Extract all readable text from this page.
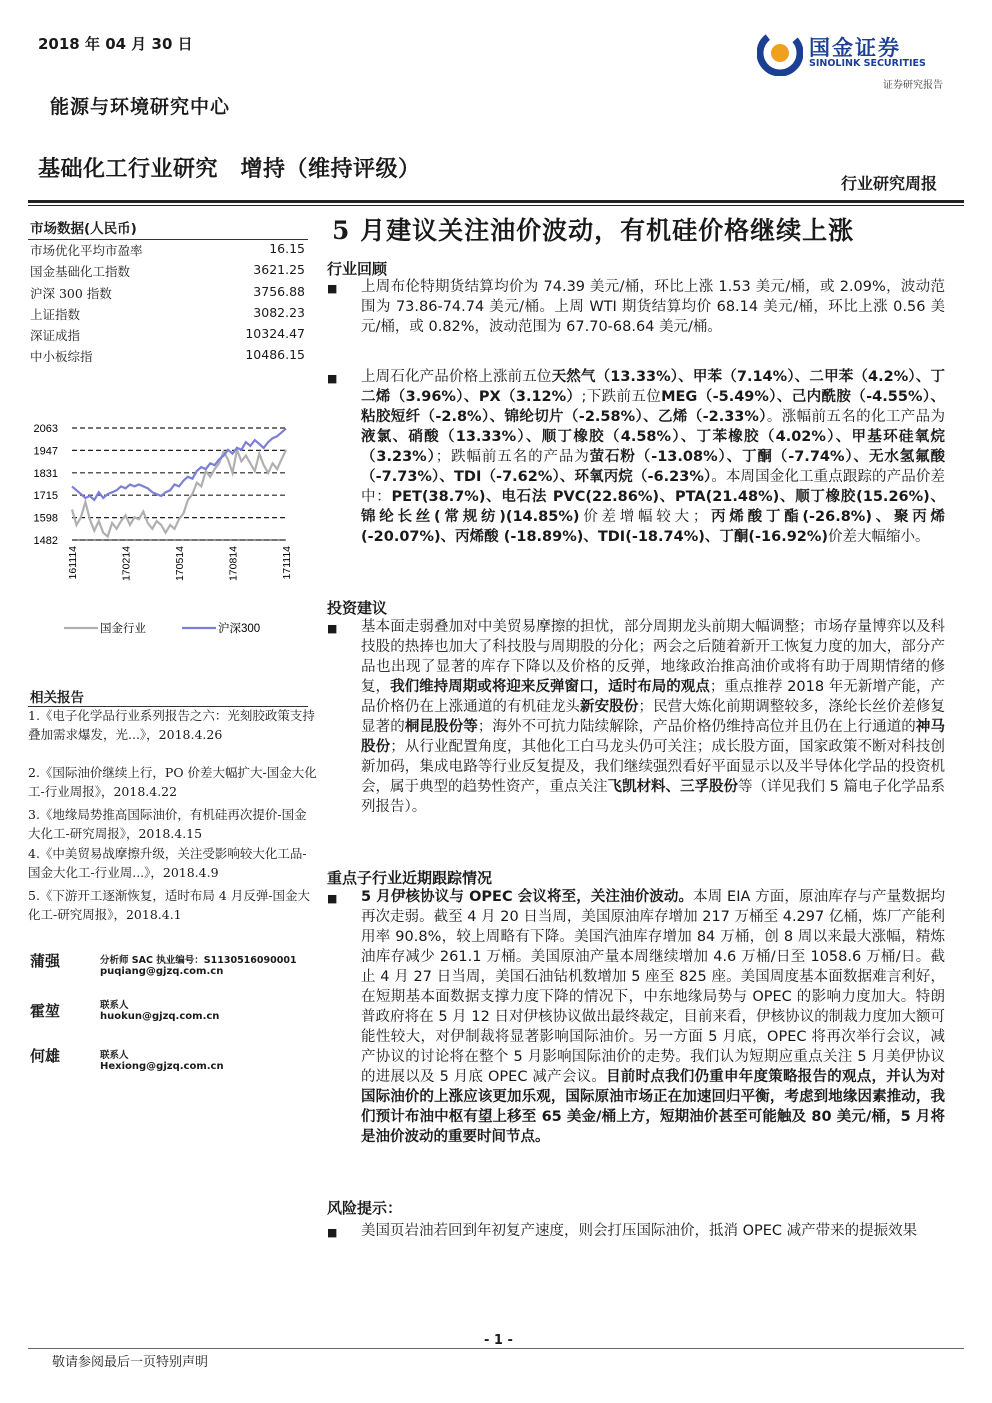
2018 年 04 月 30 日
能源与环境研究中心
国金证券
SINOLINK SECURITIES
证券研究报告
基础化工行业研究　增持（维持评级）
行业研究周报
市场数据(人民币)
市场优化平均市盈率	16.15
国金基础化工指数	3621.25
沪深 300 指数	3756.88
上证指数	3082.23
深证成指	10324.47
中小板综指	10486.15
2063
1947
1831
1715
1598
1482
161114	170214	170514	170814	171114
国金行业	沪深300
相关报告
1.《电子化学品行业系列报告之六：光刻胶政策支持叠加需求爆发，光...》，2018.4.26
2.《国际油价继续上行，PO 价差大幅扩大-国金大化工-行业周报》，2018.4.22
3.《地缘局势推高国际油价，有机硅再次提价-国金大化工-研究周报》，2018.4.15
4.《中美贸易战摩擦升级，关注受影响较大化工品-国金大化工-行业周...》，2018.4.9
5.《下游开工逐渐恢复，适时布局 4 月反弹-国金大化工-研究周报》，2018.4.1
蒲强	分析师 SAC 执业编号：S1130516090001
puqiang@gjzq.com.cn
霍堃	联系人
huokun@gjzq.com.cn
何雄	联系人
Hexiong@gjzq.com.cn
5 月建议关注油价波动，有机硅价格继续上涨
行业回顾
■ 上周布伦特期货结算均价为 74.39 美元/桶，环比上涨 1.53 美元/桶，或 2.09%，波动范围为 73.86-74.74 美元/桶。上周 WTI 期货结算均价 68.14 美元/桶，环比上涨 0.56 美元/桶，或 0.82%，波动范围为 67.70-68.64 美元/桶。
■ 上周石化产品价格上涨前五位天然气（13.33%）、甲苯（7.14%）、二甲苯（4.2%）、丁二烯（3.96%）、PX（3.12%）;下跌前五位MEG（-5.49%）、己内酰胺（-4.55%）、粘胶短纤（-2.8%）、锦纶切片（-2.58%）、乙烯（-2.33%）。涨幅前五名的化工产品为液氯、硝酸（13.33%）、顺丁橡胶（4.58%）、丁苯橡胶（4.02%）、甲基环硅氧烷（3.23%）；跌幅前五名的产品为萤石粉（-13.08%）、丁酮（-7.74%）、无水氢氟酸（-7.73%）、TDI（-7.62%）、环氧丙烷（-6.23%）。本周国金化工重点跟踪的产品价差中：PET(38.7%)、电石法 PVC(22.86%)、PTA(21.48%)、顺丁橡胶(15.26%)、锦纶长丝(常规纺)(14.85%)价差增幅较大；丙烯酸丁酯(-26.8%)、聚丙烯(-20.07%)、丙烯酸 (-18.89%)、TDI(-18.74%)、丁酮(-16.92%)价差大幅缩小。
投资建议
■ 基本面走弱叠加对中美贸易摩擦的担忧，部分周期龙头前期大幅调整；市场存量博弈以及科技股的热捧也加大了科技股与周期股的分化；两会之后随着新开工恢复力度的加大，部分产品也出现了显著的库存下降以及价格的反弹，地缘政治推高油价或将有助于周期情绪的修复，我们维持周期或将迎来反弹窗口，适时布局的观点；重点推荐 2018 年无新增产能，产品价格仍在上涨通道的有机硅龙头新安股份；民营大炼化前期调整较多，涤纶长丝价差修复显著的桐昆股份等；海外不可抗力陆续解除，产品价格仍维持高位并且仍在上行通道的神马股份；从行业配置角度，其他化工白马龙头仍可关注；成长股方面，国家政策不断对科技创新加码，集成电路等行业反复提及，我们继续强烈看好平面显示以及半导体化学品的投资机会，属于典型的趋势性资产，重点关注飞凯材料、三孚股份等（详见我们 5 篇电子化学品系列报告）。
重点子行业近期跟踪情况
■ 5 月伊核协议与 OPEC 会议将至，关注油价波动。本周 EIA 方面，原油库存与产量数据均再次走弱。截至 4 月 20 日当周，美国原油库存增加 217 万桶至 4.297 亿桶，炼厂产能利用率 90.8%，较上周略有下降。美国汽油库存增加 84 万桶，创 8 周以来最大涨幅，精炼油库存减少 261.1 万桶。美国原油产量本周继续增加 4.6 万桶/日至 1058.6 万桶/日。截止 4 月 27 日当周，美国石油钻机数增加 5 座至 825 座。美国周度基本面数据难言利好，在短期基本面数据支撑力度下降的情况下，中东地缘局势与 OPEC 的影响力度加大。特朗普政府将在 5 月 12 日对伊核协议做出最终裁定，目前来看，伊核协议的制裁力度加大额可能性较大，对伊制裁将显著影响国际油价。另一方面 5 月底，OPEC 将再次举行会议，减产协议的讨论将在整个 5 月影响国际油价的走势。我们认为短期应重点关注 5 月美伊协议的进展以及 5 月底 OPEC 减产会议。目前时点我们仍重申年度策略报告的观点，并认为对国际油价的上涨应该更加乐观，国际原油市场正在加速回归平衡，考虑到地缘因素推动，我们预计布油中枢有望上移至 65 美金/桶上方，短期油价甚至可能触及 80 美元/桶，5 月将是油价波动的重要时间节点。
风险提示：
■ 美国页岩油若回到年初复产速度，则会打压国际油价，抵消 OPEC 减产带来的提振效果
- 1 -
敬请参阅最后一页特别声明
